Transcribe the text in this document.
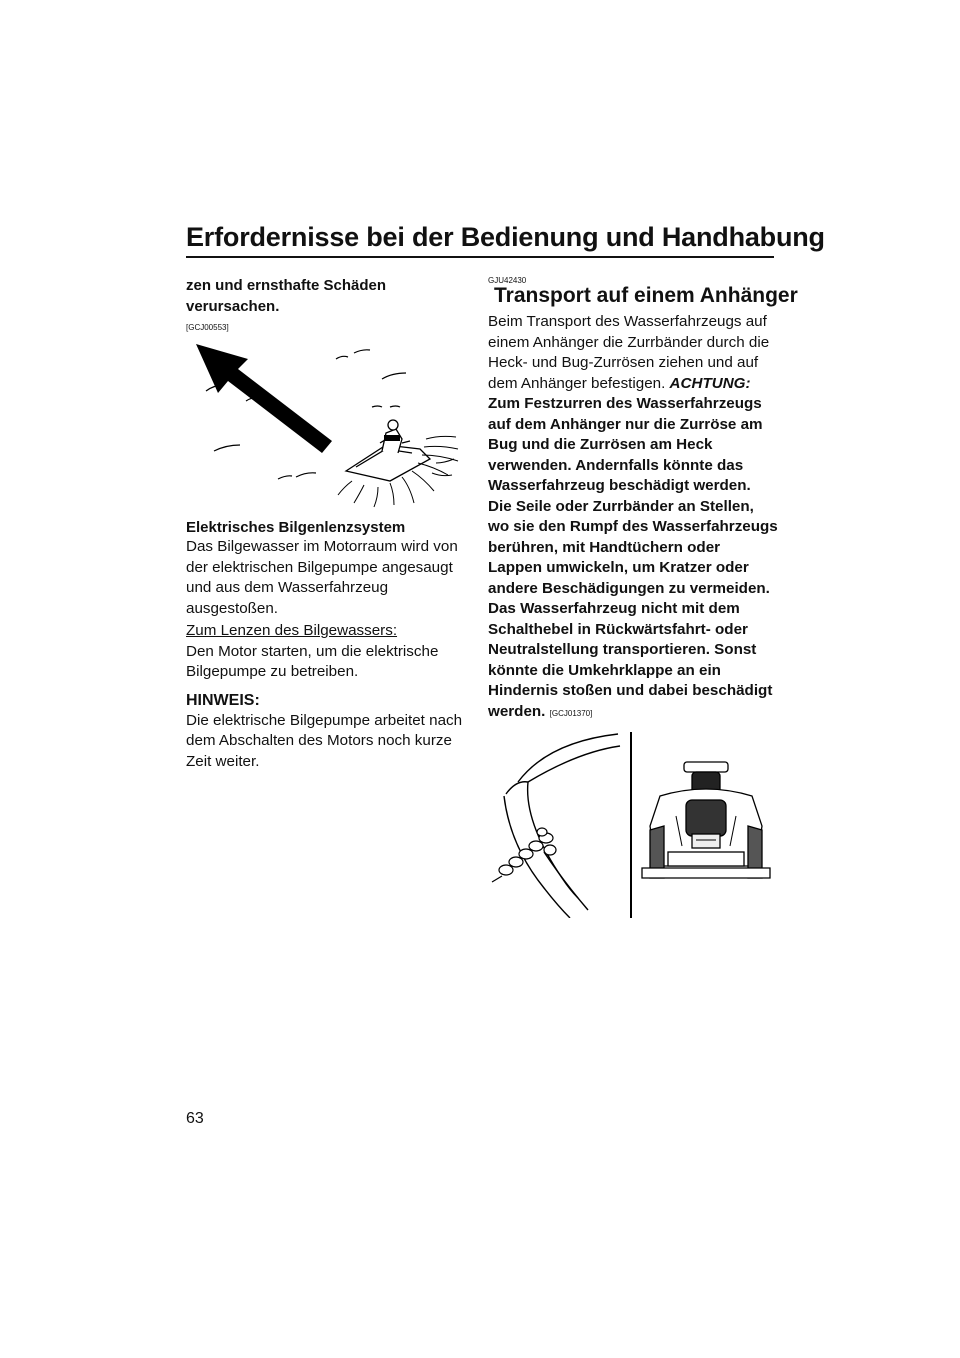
Erfordernisse bei der Bedienung und Handhabung

zen und ernsthafte Schäden verursachen.

[GCJ00553]

Elektrisches Bilgenlenzsystem

Das Bilgewasser im Motorraum wird von der elektrischen Bilgepumpe angesaugt und aus dem Wasserfahrzeug ausgestoßen.

Zum Lenzen des Bilgewassers:

Den Motor starten, um die elektrische Bilgepumpe zu betreiben.

HINWEIS:

Die elektrische Bilgepumpe arbeitet nach dem Abschalten des Motors noch kurze Zeit weiter.

GJU42430

Transport auf einem Anhänger

Beim Transport des Wasserfahrzeugs auf einem Anhänger die Zurrbänder durch die Heck- und Bug-Zurrösen ziehen und auf dem Anhänger befestigen. ACHTUNG: Zum Festzurren des Wasserfahrzeugs auf dem Anhänger nur die Zurröse am Bug und die Zurrösen am Heck verwenden. Andernfalls könnte das Wasserfahrzeug beschädigt werden. Die Seile oder Zurrbänder an Stellen, wo sie den Rumpf des Wasserfahrzeugs berühren, mit Handtüchern oder Lappen umwickeln, um Kratzer oder andere Beschädigungen zu vermeiden. Das Wasserfahrzeug nicht mit dem Schalthebel in Rückwärtsfahrt- oder Neutralstellung transportieren. Sonst könnte die Umkehrklappe an ein Hindernis stoßen und dabei beschädigt werden. [GCJ01370]

63
